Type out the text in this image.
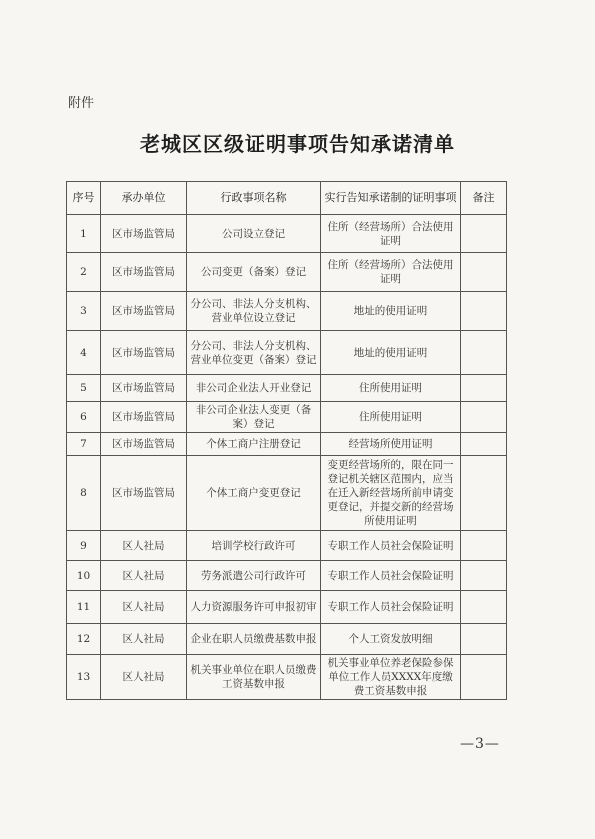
附件
老城区区级证明事项告知承诺清单
序号	承办单位	行政事项名称	实行告知承诺制的证明事项	备注
1	区市场监管局	公司设立登记	住所（经营场所）合法使用证明	
2	区市场监管局	公司变更（备案）登记	住所（经营场所）合法使用证明	
3	区市场监管局	分公司、非法人分支机构、营业单位设立登记	地址的使用证明	
4	区市场监管局	分公司、非法人分支机构、营业单位变更（备案）登记	地址的使用证明	
5	区市场监管局	非公司企业法人开业登记	住所使用证明	
6	区市场监管局	非公司企业法人变更（备案）登记	住所使用证明	
7	区市场监管局	个体工商户注册登记	经营场所使用证明	
8	区市场监管局	个体工商户变更登记	变更经营场所的，限在同一登记机关辖区范围内，应当在迁入新经营场所前申请变更登记，并提交新的经营场所使用证明	
9	区人社局	培训学校行政许可	专职工作人员社会保险证明	
10	区人社局	劳务派遣公司行政许可	专职工作人员社会保险证明	
11	区人社局	人力资源服务许可申报初审	专职工作人员社会保险证明	
12	区人社局	企业在职人员缴费基数申报	个人工资发放明细	
13	区人社局	机关事业单位在职人员缴费工资基数申报	机关事业单位养老保险参保单位工作人员XXXX年度缴费工资基数申报	
—3—
